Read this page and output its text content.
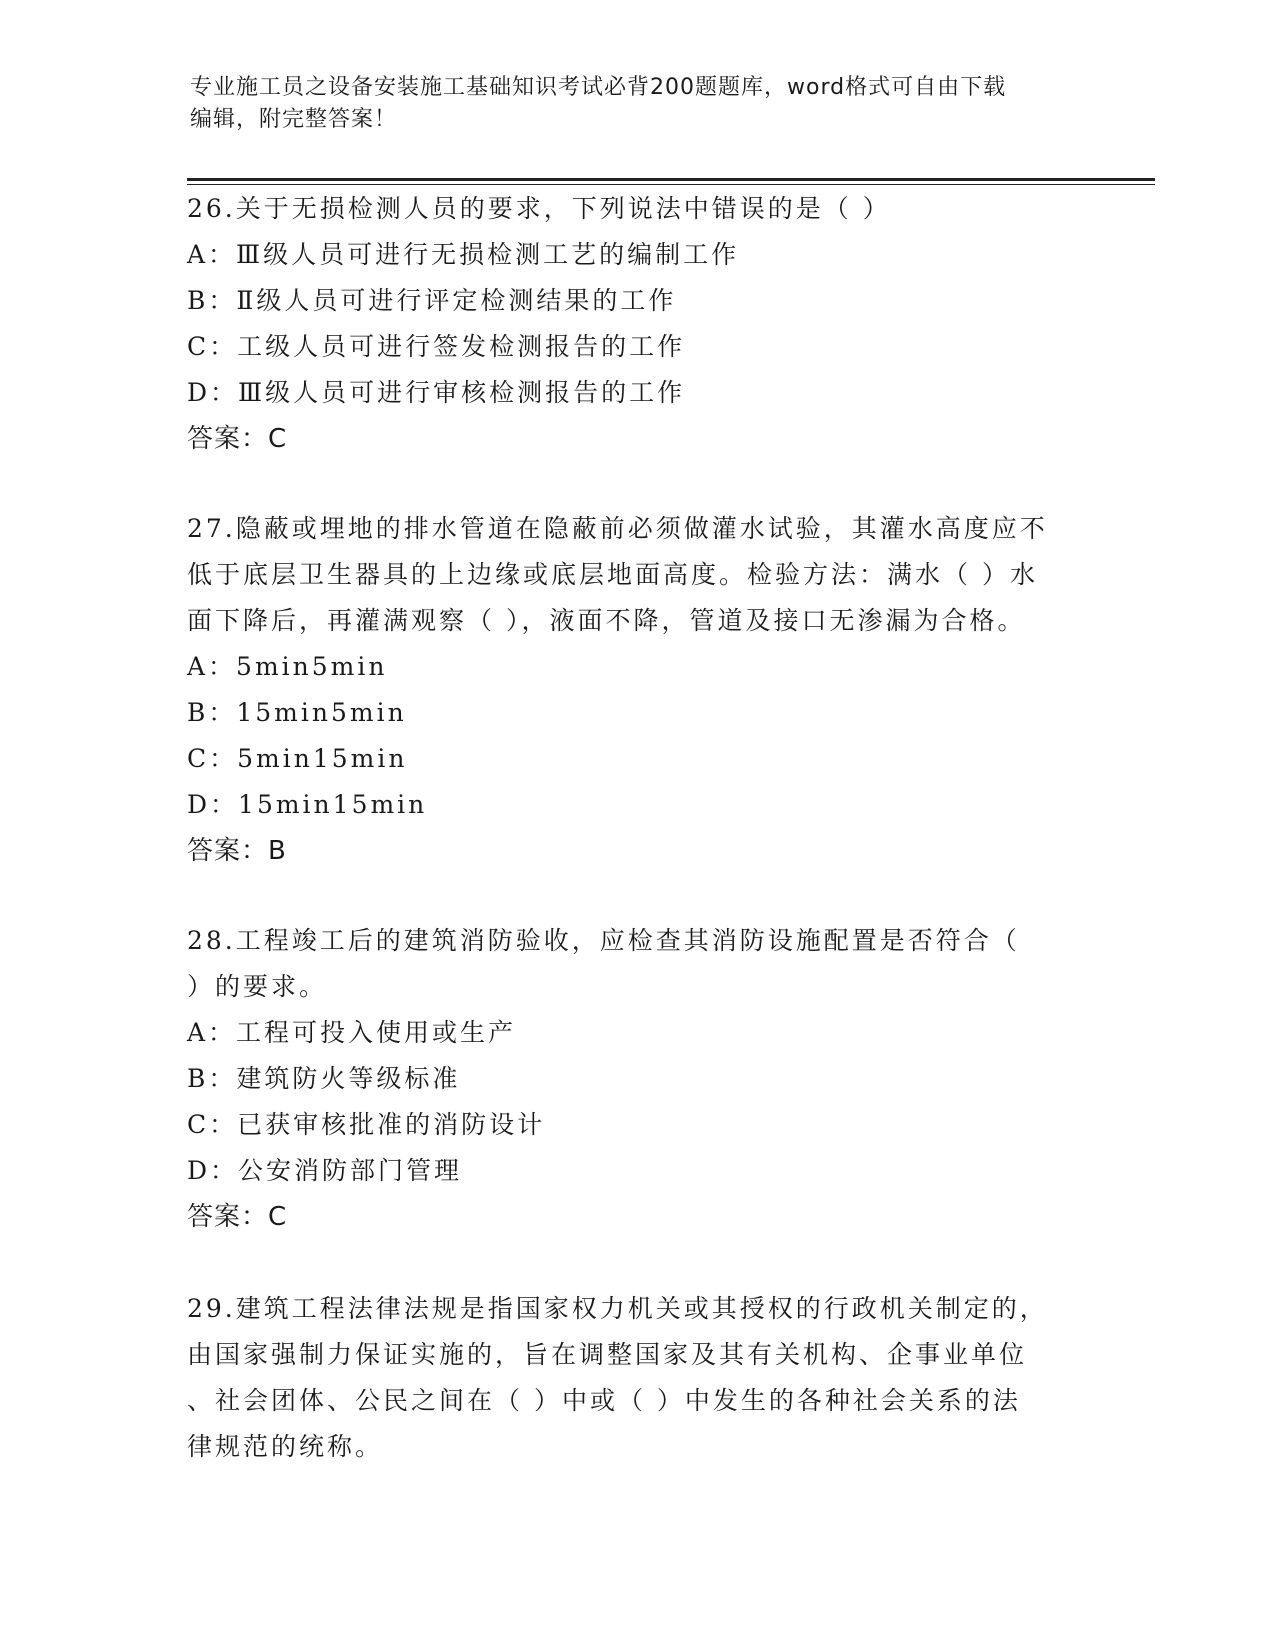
专业施工员之设备安装施工基础知识考试必背200题题库，word格式可自由下载
编辑，附完整答案！

26.关于无损检测人员的要求，下列说法中错误的是（ ）

A：Ⅲ级人员可进行无损检测工艺的编制工作

B：Ⅱ级人员可进行评定检测结果的工作

C：工级人员可进行签发检测报告的工作

D：Ⅲ级人员可进行审核检测报告的工作

答案：C

27.隐蔽或埋地的排水管道在隐蔽前必须做灌水试验，其灌水高度应不

低于底层卫生器具的上边缘或底层地面高度。检验方法：满水（ ）水

面下降后，再灌满观察（ ），液面不降，管道及接口无渗漏为合格。

A：5min5min

B：15min5min

C：5min15min

D：15min15min

答案：B

28.工程竣工后的建筑消防验收，应检查其消防设施配置是否符合（

）的要求。

A：工程可投入使用或生产

B：建筑防火等级标准

C：已获审核批准的消防设计

D：公安消防部门管理

答案：C

29.建筑工程法律法规是指国家权力机关或其授权的行政机关制定的，

由国家强制力保证实施的，旨在调整国家及其有关机构、企事业单位

、社会团体、公民之间在（ ）中或（ ）中发生的各种社会关系的法

律规范的统称。
